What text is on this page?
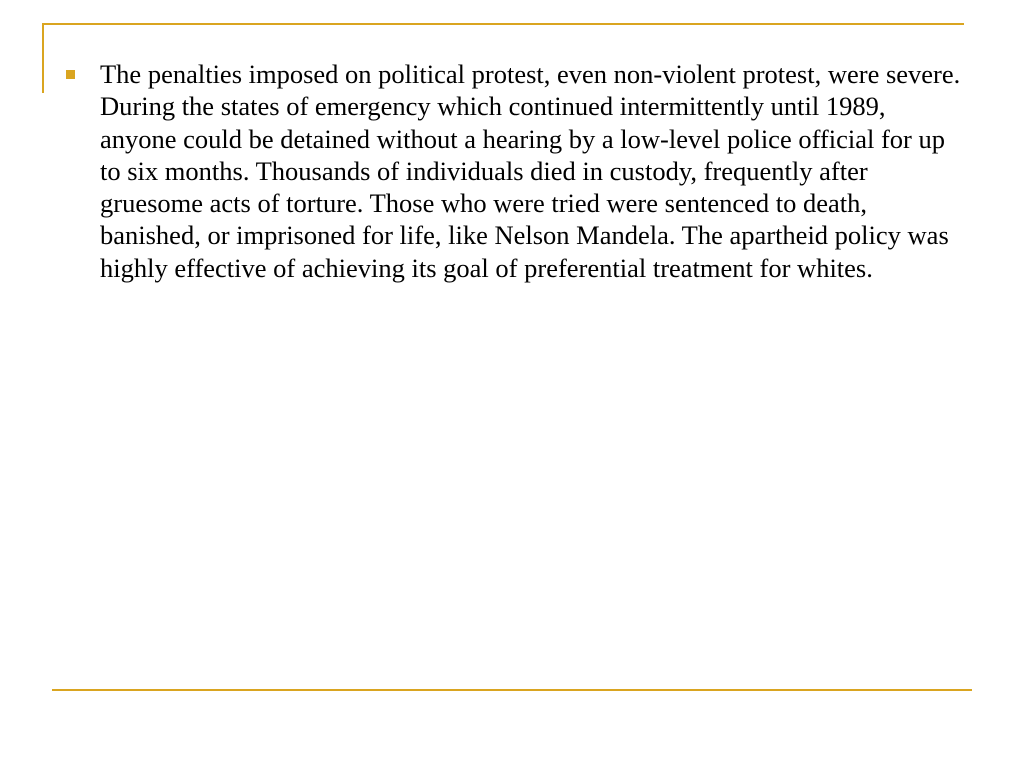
The penalties imposed on political protest, even non-violent protest, were severe. During the states of emergency which continued intermittently until 1989, anyone could be detained without a hearing by a low-level police official for up to six months. Thousands of individuals died in custody, frequently after gruesome acts of torture. Those who were tried were sentenced to death, banished, or imprisoned for life, like Nelson Mandela. The apartheid policy was highly effective of achieving its goal of preferential treatment for whites.
